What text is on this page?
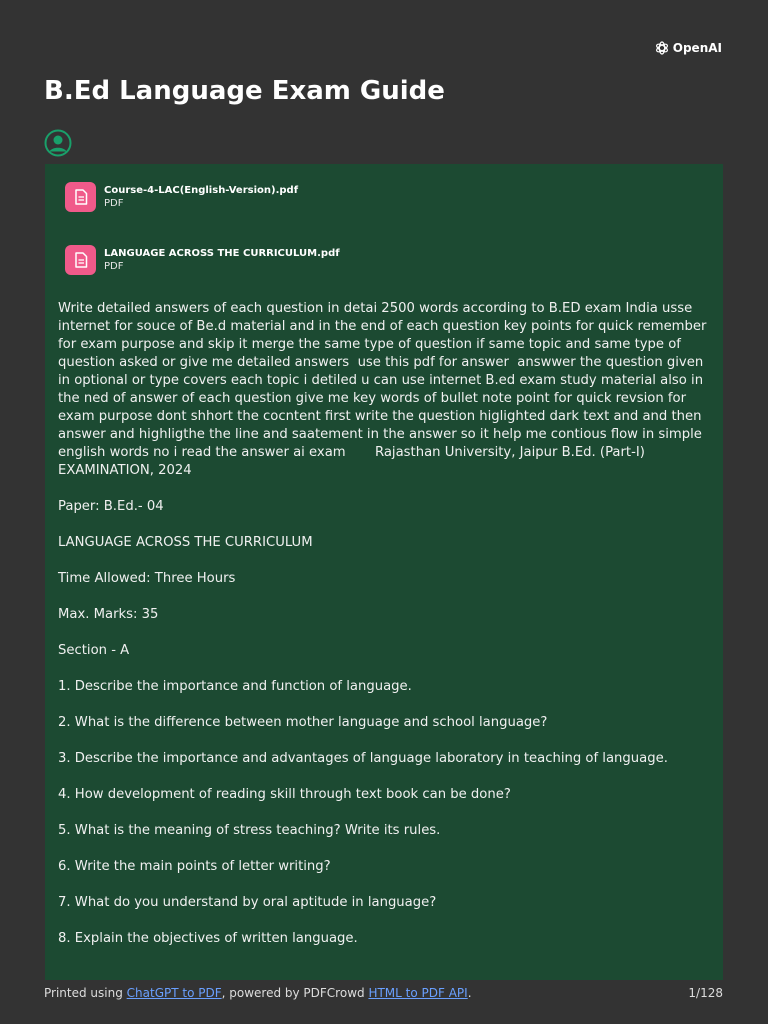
OpenAI
B.Ed Language Exam Guide
Course-4-LAC(English-Version).pdf
PDF
LANGUAGE ACROSS THE CURRICULUM.pdf
PDF

Write detailed answers of each question in detai 2500 words according to B.ED exam India usse internet for souce of Be.d material and in the end of each question key points for quick remember for exam purpose and skip it merge the same type of question if same topic and same type of question asked or give me detailed answers  use this pdf for answer  answwer the question given in optional or type covers each topic i detiled u can use internet B.ed exam study material also in the ned of answer of each question give me key words of bullet note point for quick revsion for exam purpose dont shhort the cocntent first write the question higlighted dark text and and then answer and highligthe the line and saatement in the answer so it help me contious flow in simple english words no i read the answer ai exam       Rajasthan University, Jaipur B.Ed. (Part-I) EXAMINATION, 2024

Paper: B.Ed.- 04

LANGUAGE ACROSS THE CURRICULUM

Time Allowed: Three Hours

Max. Marks: 35

Section - A

1. Describe the importance and function of language.

2. What is the difference between mother language and school language?

3. Describe the importance and advantages of language laboratory in teaching of language.

4. How development of reading skill through text book can be done?

5. What is the meaning of stress teaching? Write its rules.

6. Write the main points of letter writing?

7. What do you understand by oral aptitude in language?

8. Explain the objectives of written language.

Printed using ChatGPT to PDF, powered by PDFCrowd HTML to PDF API.	1/128
